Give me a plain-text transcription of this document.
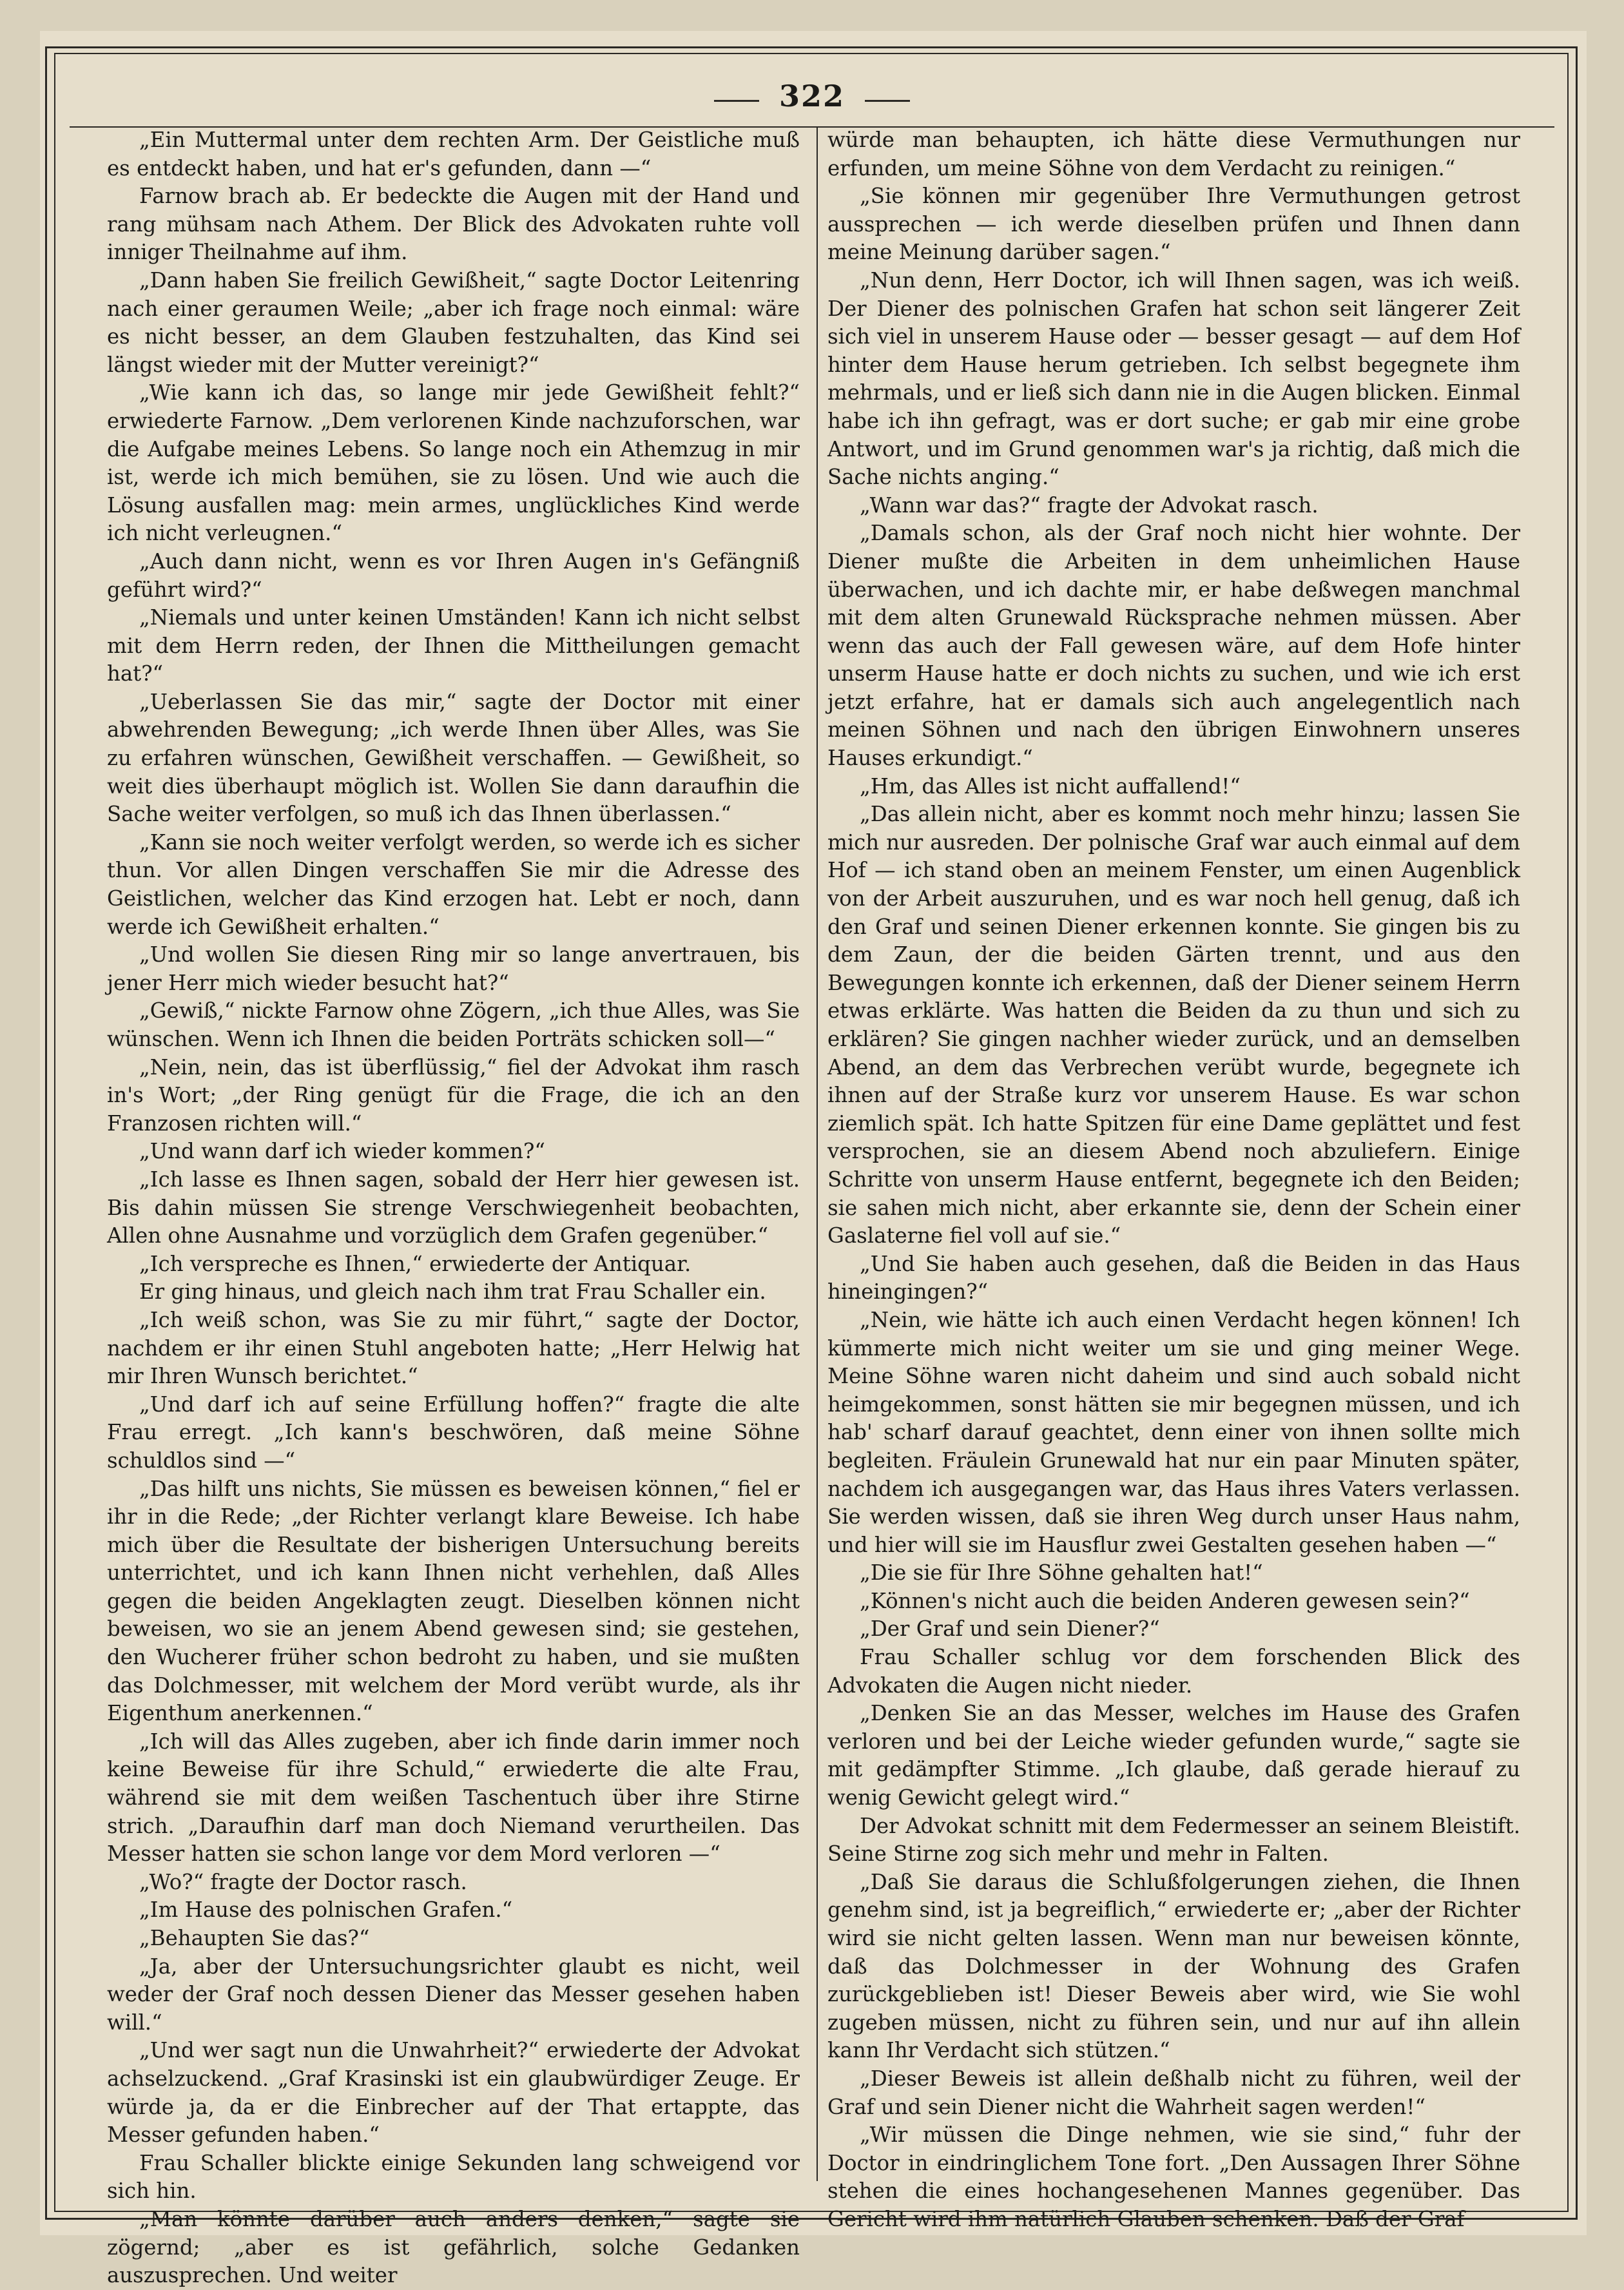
322

„Ein Muttermal unter dem rechten Arm. Der Geistliche muß es entdeckt haben, und hat er's gefunden, dann —“

Farnow brach ab. Er bedeckte die Augen mit der Hand und rang mühsam nach Athem. Der Blick des Advokaten ruhte voll inniger Theilnahme auf ihm.

„Dann haben Sie freilich Gewißheit,“ sagte Doctor Leitenring nach einer geraumen Weile; „aber ich frage noch einmal: wäre es nicht besser, an dem Glauben festzuhalten, das Kind sei längst wieder mit der Mutter vereinigt?“

„Wie kann ich das, so lange mir jede Gewißheit fehlt?“ erwiederte Farnow. „Dem verlorenen Kinde nachzuforschen, war die Aufgabe meines Lebens. So lange noch ein Athemzug in mir ist, werde ich mich bemühen, sie zu lösen. Und wie auch die Lösung ausfallen mag: mein armes, unglückliches Kind werde ich nicht verleugnen.“

„Auch dann nicht, wenn es vor Ihren Augen in's Gefängniß geführt wird?“

„Niemals und unter keinen Umständen! Kann ich nicht selbst mit dem Herrn reden, der Ihnen die Mittheilungen gemacht hat?“

„Ueberlassen Sie das mir,“ sagte der Doctor mit einer abwehrenden Bewegung; „ich werde Ihnen über Alles, was Sie zu erfahren wünschen, Gewißheit verschaffen. — Gewißheit, so weit dies überhaupt möglich ist. Wollen Sie dann daraufhin die Sache weiter verfolgen, so muß ich das Ihnen überlassen.“

„Kann sie noch weiter verfolgt werden, so werde ich es sicher thun. Vor allen Dingen verschaffen Sie mir die Adresse des Geistlichen, welcher das Kind erzogen hat. Lebt er noch, dann werde ich Gewißheit erhalten.“

„Und wollen Sie diesen Ring mir so lange anvertrauen, bis jener Herr mich wieder besucht hat?“

„Gewiß,“ nickte Farnow ohne Zögern, „ich thue Alles, was Sie wünschen. Wenn ich Ihnen die beiden Porträts schicken soll—“

„Nein, nein, das ist überflüssig,“ fiel der Advokat ihm rasch in's Wort; „der Ring genügt für die Frage, die ich an den Franzosen richten will.“

„Und wann darf ich wieder kommen?“

„Ich lasse es Ihnen sagen, sobald der Herr hier gewesen ist. Bis dahin müssen Sie strenge Verschwiegenheit beobachten, Allen ohne Ausnahme und vorzüglich dem Grafen gegenüber.“

„Ich verspreche es Ihnen,“ erwiederte der Antiquar.

Er ging hinaus, und gleich nach ihm trat Frau Schaller ein.

„Ich weiß schon, was Sie zu mir führt,“ sagte der Doctor, nachdem er ihr einen Stuhl angeboten hatte; „Herr Helwig hat mir Ihren Wunsch berichtet.“

„Und darf ich auf seine Erfüllung hoffen?“ fragte die alte Frau erregt. „Ich kann's beschwören, daß meine Söhne schuldlos sind —“

„Das hilft uns nichts, Sie müssen es beweisen können,“ fiel er ihr in die Rede; „der Richter verlangt klare Beweise. Ich habe mich über die Resultate der bisherigen Untersuchung bereits unterrichtet, und ich kann Ihnen nicht verhehlen, daß Alles gegen die beiden Angeklagten zeugt. Dieselben können nicht beweisen, wo sie an jenem Abend gewesen sind; sie gestehen, den Wucherer früher schon bedroht zu haben, und sie mußten das Dolchmesser, mit welchem der Mord verübt wurde, als ihr Eigenthum anerkennen.“

„Ich will das Alles zugeben, aber ich finde darin immer noch keine Beweise für ihre Schuld,“ erwiederte die alte Frau, während sie mit dem weißen Taschentuch über ihre Stirne strich. „Daraufhin darf man doch Niemand verurtheilen. Das Messer hatten sie schon lange vor dem Mord verloren —“

„Wo?“ fragte der Doctor rasch.

„Im Hause des polnischen Grafen.“

„Behaupten Sie das?“

„Ja, aber der Untersuchungsrichter glaubt es nicht, weil weder der Graf noch dessen Diener das Messer gesehen haben will.“

„Und wer sagt nun die Unwahrheit?“ erwiederte der Advokat achselzuckend. „Graf Krasinski ist ein glaubwürdiger Zeuge. Er würde ja, da er die Einbrecher auf der That ertappte, das Messer gefunden haben.“

Frau Schaller blickte einige Sekunden lang schweigend vor sich hin.

„Man könnte darüber auch anders denken,“ sagte sie zögernd; „aber es ist gefährlich, solche Gedanken auszusprechen. Und weiter

würde man behaupten, ich hätte diese Vermuthungen nur erfunden, um meine Söhne von dem Verdacht zu reinigen.“

„Sie können mir gegenüber Ihre Vermuthungen getrost aussprechen — ich werde dieselben prüfen und Ihnen dann meine Meinung darüber sagen.“

„Nun denn, Herr Doctor, ich will Ihnen sagen, was ich weiß. Der Diener des polnischen Grafen hat schon seit längerer Zeit sich viel in unserem Hause oder — besser gesagt — auf dem Hof hinter dem Hause herum getrieben. Ich selbst begegnete ihm mehrmals, und er ließ sich dann nie in die Augen blicken. Einmal habe ich ihn gefragt, was er dort suche; er gab mir eine grobe Antwort, und im Grund genommen war's ja richtig, daß mich die Sache nichts anging.“

„Wann war das?“ fragte der Advokat rasch.

„Damals schon, als der Graf noch nicht hier wohnte. Der Diener mußte die Arbeiten in dem unheimlichen Hause überwachen, und ich dachte mir, er habe deßwegen manchmal mit dem alten Grunewald Rücksprache nehmen müssen. Aber wenn das auch der Fall gewesen wäre, auf dem Hofe hinter unserm Hause hatte er doch nichts zu suchen, und wie ich erst jetzt erfahre, hat er damals sich auch angelegentlich nach meinen Söhnen und nach den übrigen Einwohnern unseres Hauses erkundigt.“

„Hm, das Alles ist nicht auffallend!“

„Das allein nicht, aber es kommt noch mehr hinzu; lassen Sie mich nur ausreden. Der polnische Graf war auch einmal auf dem Hof — ich stand oben an meinem Fenster, um einen Augenblick von der Arbeit auszuruhen, und es war noch hell genug, daß ich den Graf und seinen Diener erkennen konnte. Sie gingen bis zu dem Zaun, der die beiden Gärten trennt, und aus den Bewegungen konnte ich erkennen, daß der Diener seinem Herrn etwas erklärte. Was hatten die Beiden da zu thun und sich zu erklären? Sie gingen nachher wieder zurück, und an demselben Abend, an dem das Verbrechen verübt wurde, begegnete ich ihnen auf der Straße kurz vor unserem Hause. Es war schon ziemlich spät. Ich hatte Spitzen für eine Dame geplättet und fest versprochen, sie an diesem Abend noch abzuliefern. Einige Schritte von unserm Hause entfernt, begegnete ich den Beiden; sie sahen mich nicht, aber erkannte sie, denn der Schein einer Gaslaterne fiel voll auf sie.“

„Und Sie haben auch gesehen, daß die Beiden in das Haus hineingingen?“

„Nein, wie hätte ich auch einen Verdacht hegen können! Ich kümmerte mich nicht weiter um sie und ging meiner Wege. Meine Söhne waren nicht daheim und sind auch sobald nicht heimgekommen, sonst hätten sie mir begegnen müssen, und ich hab' scharf darauf geachtet, denn einer von ihnen sollte mich begleiten. Fräulein Grunewald hat nur ein paar Minuten später, nachdem ich ausgegangen war, das Haus ihres Vaters verlassen. Sie werden wissen, daß sie ihren Weg durch unser Haus nahm, und hier will sie im Hausflur zwei Gestalten gesehen haben —“

„Die sie für Ihre Söhne gehalten hat!“

„Können's nicht auch die beiden Anderen gewesen sein?“

„Der Graf und sein Diener?“

Frau Schaller schlug vor dem forschenden Blick des Advokaten die Augen nicht nieder.

„Denken Sie an das Messer, welches im Hause des Grafen verloren und bei der Leiche wieder gefunden wurde,“ sagte sie mit gedämpfter Stimme. „Ich glaube, daß gerade hierauf zu wenig Gewicht gelegt wird.“

Der Advokat schnitt mit dem Federmesser an seinem Bleistift. Seine Stirne zog sich mehr und mehr in Falten.

„Daß Sie daraus die Schlußfolgerungen ziehen, die Ihnen genehm sind, ist ja begreiflich,“ erwiederte er; „aber der Richter wird sie nicht gelten lassen. Wenn man nur beweisen könnte, daß das Dolchmesser in der Wohnung des Grafen zurückgeblieben ist! Dieser Beweis aber wird, wie Sie wohl zugeben müssen, nicht zu führen sein, und nur auf ihn allein kann Ihr Verdacht sich stützen.“

„Dieser Beweis ist allein deßhalb nicht zu führen, weil der Graf und sein Diener nicht die Wahrheit sagen werden!“

„Wir müssen die Dinge nehmen, wie sie sind,“ fuhr der Doctor in eindringlichem Tone fort. „Den Aussagen Ihrer Söhne stehen die eines hochangesehenen Mannes gegenüber. Das Gericht wird ihm natürlich Glauben schenken. Daß der Graf
